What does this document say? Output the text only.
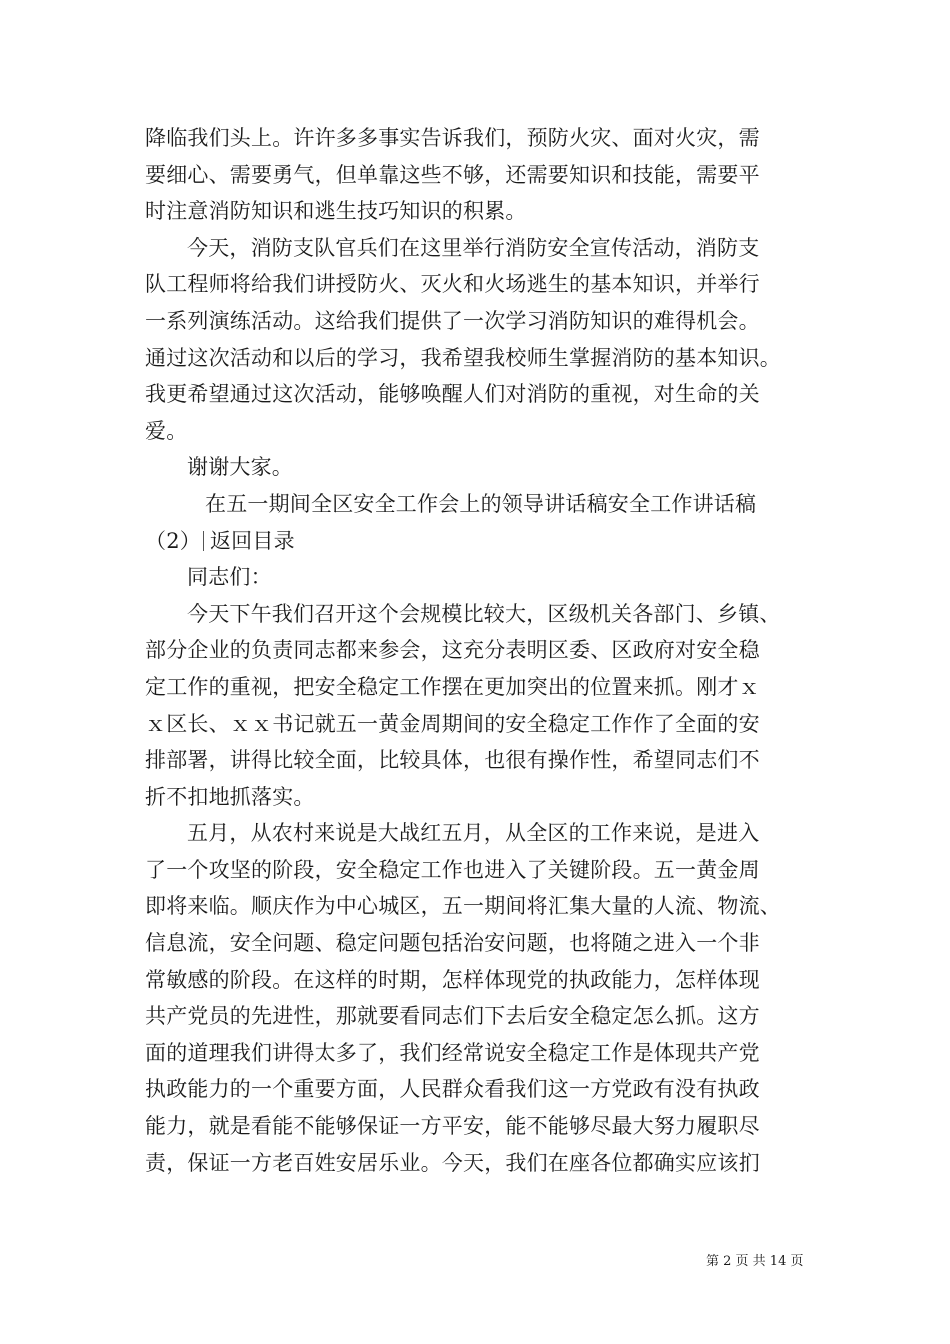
降临我们头上。许许多多事实告诉我们，预防火灾、面对火灾，需
要细心、需要勇气，但单靠这些不够，还需要知识和技能，需要平
时注意消防知识和逃生技巧知识的积累。
今天，消防支队官兵们在这里举行消防安全宣传活动，消防支
队工程师将给我们讲授防火、灭火和火场逃生的基本知识，并举行
一系列演练活动。这给我们提供了一次学习消防知识的难得机会。
通过这次活动和以后的学习，我希望我校师生掌握消防的基本知识。
我更希望通过这次活动，能够唤醒人们对消防的重视，对生命的关
爱。
谢谢大家。
在五一期间全区安全工作会上的领导讲话稿安全工作讲话稿
（2） 返回目录
同志们：
今天下午我们召开这个会规模比较大，区级机关各部门、乡镇、
部分企业的负责同志都来参会，这充分表明区委、区政府对安全稳
定工作的重视，把安全稳定工作摆在更加突出的位置来抓。刚才ｘ
ｘ区长、ｘｘ书记就五一黄金周期间的安全稳定工作作了全面的安
排部署，讲得比较全面，比较具体，也很有操作性，希望同志们不
折不扣地抓落实。
五月，从农村来说是大战红五月，从全区的工作来说，是进入
了一个攻坚的阶段，安全稳定工作也进入了关键阶段。五一黄金周
即将来临。顺庆作为中心城区，五一期间将汇集大量的人流、物流、
信息流，安全问题、稳定问题包括治安问题，也将随之进入一个非
常敏感的阶段。在这样的时期，怎样体现党的执政能力，怎样体现
共产党员的先进性，那就要看同志们下去后安全稳定怎么抓。这方
面的道理我们讲得太多了，我们经常说安全稳定工作是体现共产党
执政能力的一个重要方面，人民群众看我们这一方党政有没有执政
能力，就是看能不能够保证一方平安，能不能够尽最大努力履职尽
责，保证一方老百姓安居乐业。今天，我们在座各位都确实应该扪
第 2 页 共 14 页
